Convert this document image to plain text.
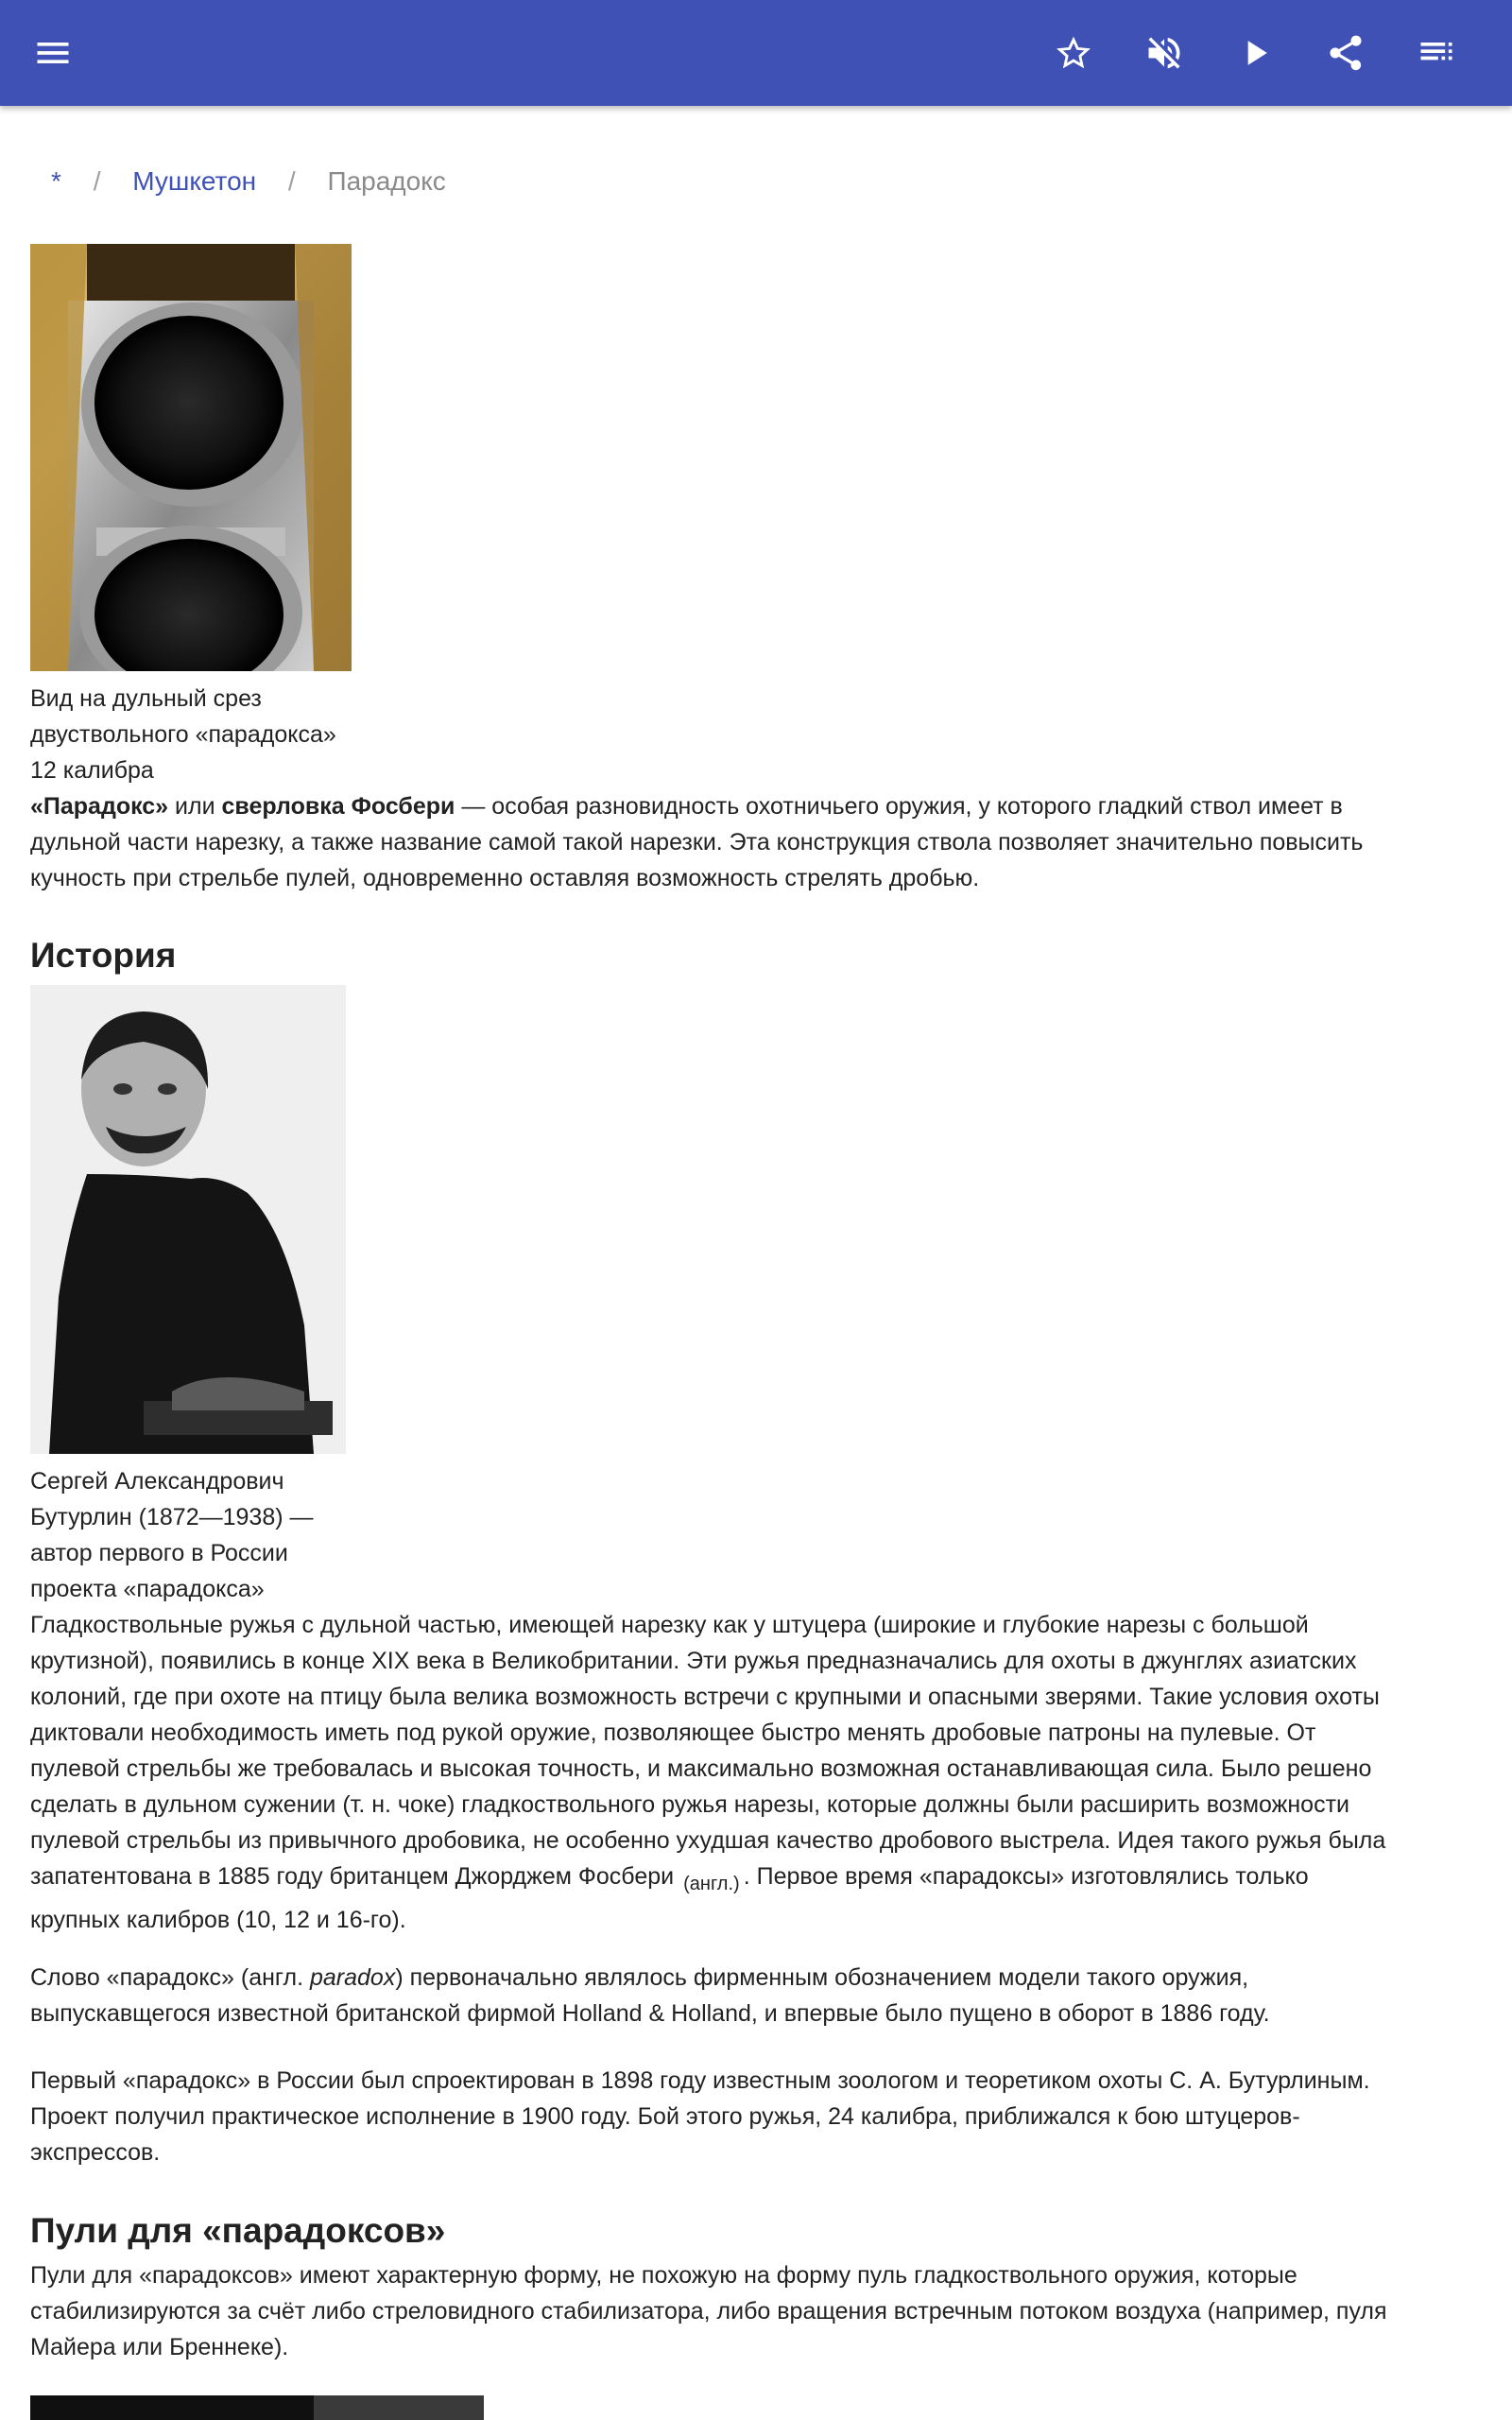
* / Мушкетон / Парадокс
Вид на дульный срез
двуствольного «парадокса»
12 калибра
«Парадокс» или сверловка Фосбери — особая разновидность охотничьего оружия, у которого гладкий ствол имеет в
дульной части нарезку, а также название самой такой нарезки. Эта конструкция ствола позволяет значительно повысить
кучность при стрельбе пулей, одновременно оставляя возможность стрелять дробью.
История
Сергей Александрович
Бутурлин (1872—1938) —
автор первого в России
проекта «парадокса»
Гладкоствольные ружья с дульной частью, имеющей нарезку как у штуцера (широкие и глубокие нарезы с большой
крутизной), появились в конце XIX века в Великобритании. Эти ружья предназначались для охоты в джунглях азиатских
колоний, где при охоте на птицу была велика возможность встречи с крупными и опасными зверями. Такие условия охоты
диктовали необходимость иметь под рукой оружие, позволяющее быстро менять дробовые патроны на пулевые. От
пулевой стрельбы же требовалась и высокая точность, и максимально возможная останавливающая сила. Было решено
сделать в дульном сужении (т. н. чоке) гладкоствольного ружья нарезы, которые должны были расширить возможности
пулевой стрельбы из привычного дробовика, не особенно ухудшая качество дробового выстрела. Идея такого ружья была
запатентована в 1885 году британцем Джорджем Фосбери $_{(англ.)}$ . Первое время «парадоксы» изготовлялись только
крупных калибров (10, 12 и 16-го).
Слово «парадокс» (англ. paradox) первоначально являлось фирменным обозначением модели такого оружия,
выпускавщегося известной британской фирмой Holland & Holland, и впервые было пущено в оборот в 1886 году.
Первый «парадокс» в России был спроектирован в 1898 году известным зоологом и теоретиком охоты С. А. Бутурлиным.
Проект получил практическое исполнение в 1900 году. Бой этого ружья, 24 калибра, приближался к бою штуцеров-
экспрессов.
Пули для «парадоксов»
Пули для «парадоксов» имеют характерную форму, не похожую на форму пуль гладкоствольного оружия, которые
стабилизируются за счёт либо стреловидного стабилизатора, либо вращения встречным потоком воздуха (например, пуля
Майера или Бреннеке).
